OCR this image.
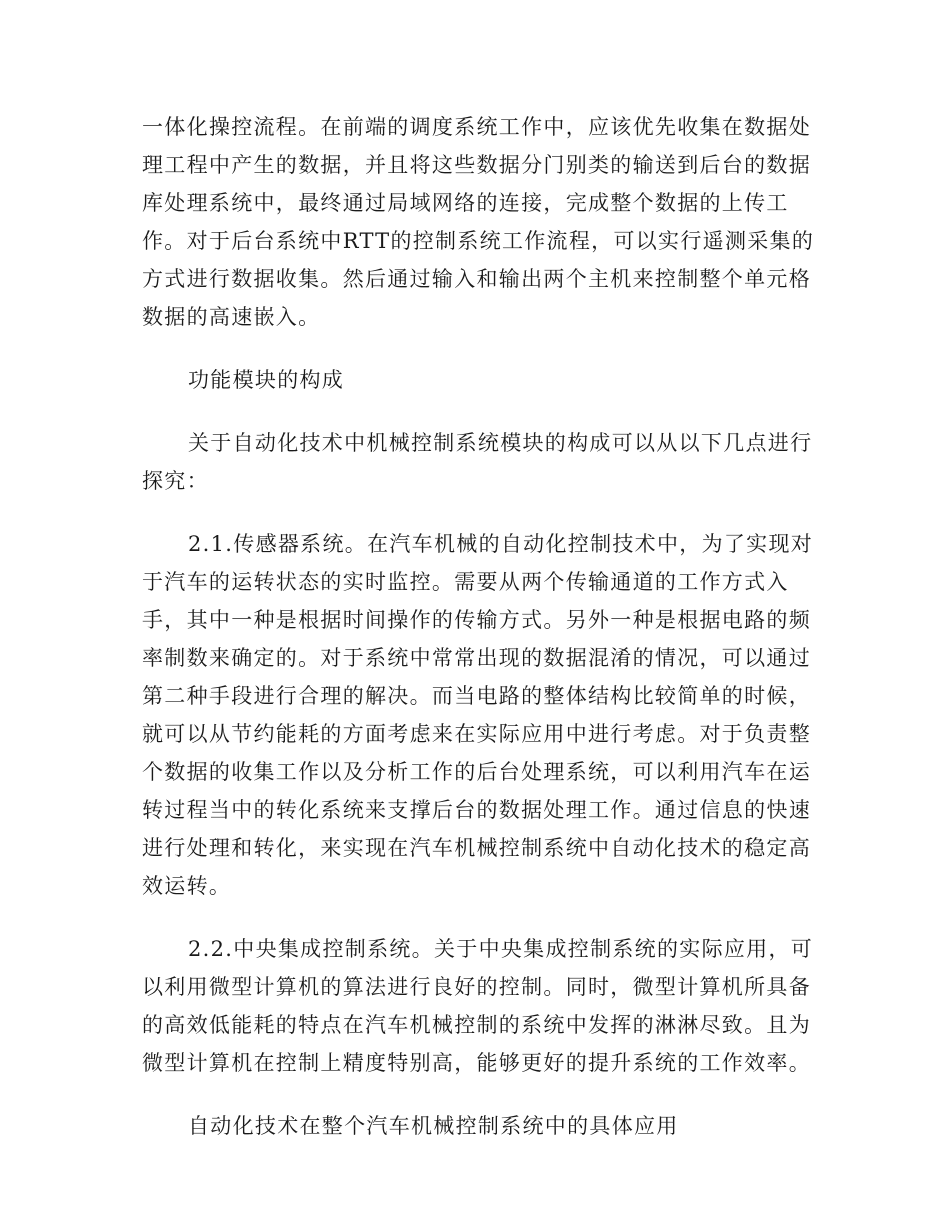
一体化操控流程。在前端的调度系统工作中，应该优先收集在数据处
理工程中产生的数据，并且将这些数据分门别类的输送到后台的数据
库处理系统中，最终通过局域网络的连接，完成整个数据的上传工
作。对于后台系统中RTT的控制系统工作流程，可以实行遥测采集的
方式进行数据收集。然后通过输入和输出两个主机来控制整个单元格
数据的高速嵌入。
功能模块的构成
关于自动化技术中机械控制系统模块的构成可以从以下几点进行
探究：
2.1.传感器系统。在汽车机械的自动化控制技术中，为了实现对
于汽车的运转状态的实时监控。需要从两个传输通道的工作方式入
手，其中一种是根据时间操作的传输方式。另外一种是根据电路的频
率制数来确定的。对于系统中常常出现的数据混淆的情况，可以通过
第二种手段进行合理的解决。而当电路的整体结构比较简单的时候，
就可以从节约能耗的方面考虑来在实际应用中进行考虑。对于负责整
个数据的收集工作以及分析工作的后台处理系统，可以利用汽车在运
转过程当中的转化系统来支撑后台的数据处理工作。通过信息的快速
进行处理和转化，来实现在汽车机械控制系统中自动化技术的稳定高
效运转。
2.2.中央集成控制系统。关于中央集成控制系统的实际应用，可
以利用微型计算机的算法进行良好的控制。同时，微型计算机所具备
的高效低能耗的特点在汽车机械控制的系统中发挥的淋淋尽致。且为
微型计算机在控制上精度特别高，能够更好的提升系统的工作效率。
自动化技术在整个汽车机械控制系统中的具体应用
